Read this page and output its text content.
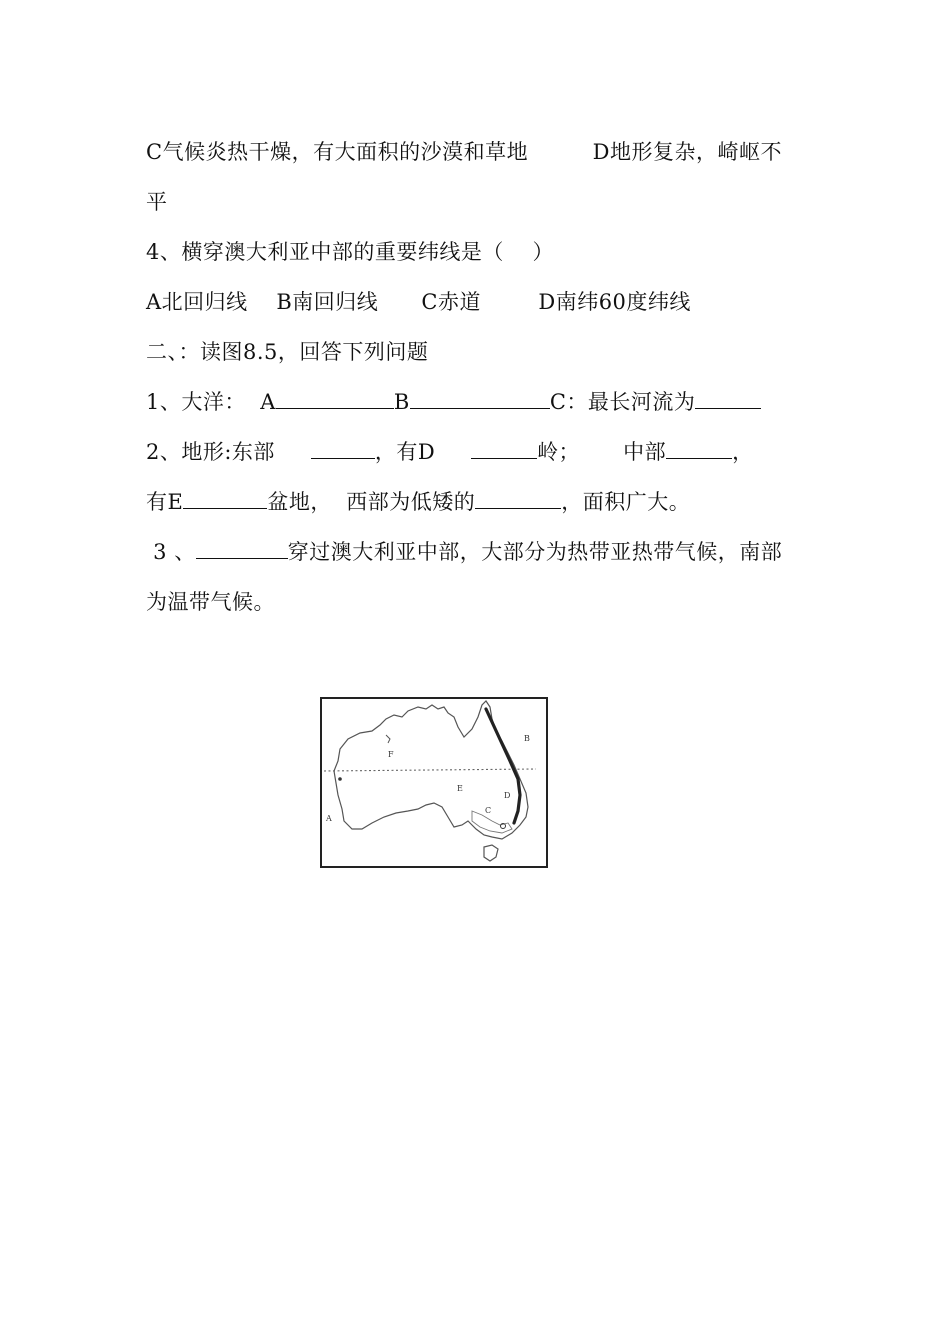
C气候炎热干燥，有大面积的沙漠和草地	D地形复杂，崎岖不
平
4、横穿澳大利亚中部的重要纬线是（    ）
A北回归线 B南回归线 C赤道	D南纬60度纬线
二、：读图8.5，回答下列问题
1、大洋：  A	B	C：最长河流为
2、地形:东部	，有D	岭； 中部	，
有E	盆地，  西部为低矮的	，面积广大。
3 、	穿过澳大利亚中部，大部分为热带亚热带气候，南部
为温带气候。
F
B
E
D
C
A
